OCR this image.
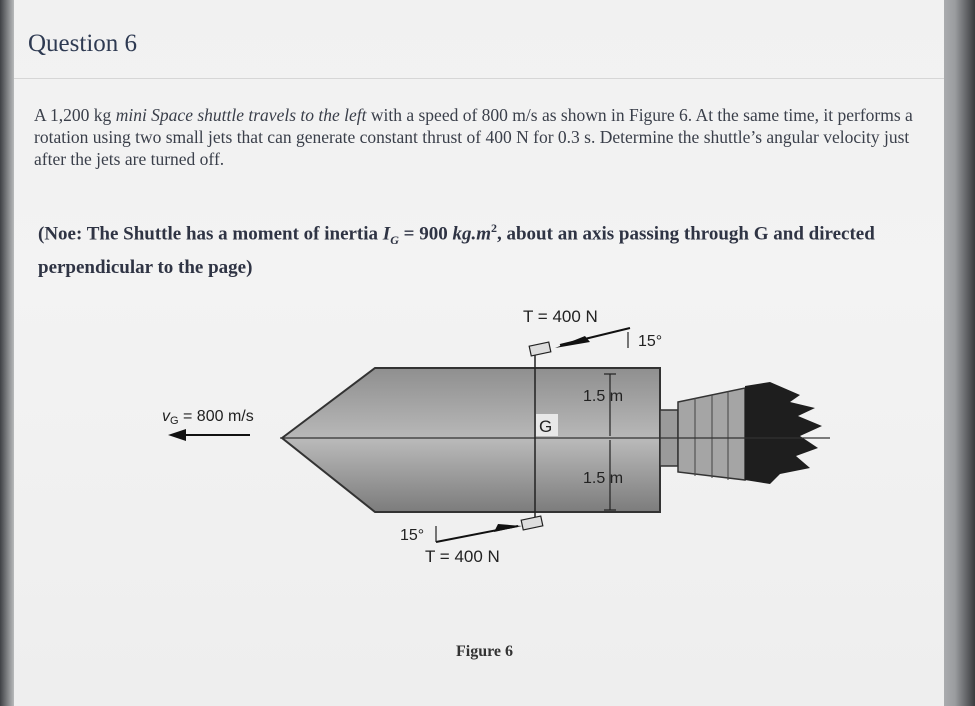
Question 6
A 1,200 kg mini Space shuttle travels to the left with a speed of 800 m/s as shown in Figure 6. At the same time, it performs a rotation using two small jets that can generate constant thrust of 400 N for 0.3 s. Determine the shuttle’s angular velocity just after the jets are turned off.
(Noe: The Shuttle has a moment of inertia $I_G = 900$ $kg.m^2$, about an axis passing through G and directed perpendicular to the page)
G
T = 400 N
15°
T = 400 N
15°
1.5 m
1.5 m
vG = 800 m/s
Figure 6
